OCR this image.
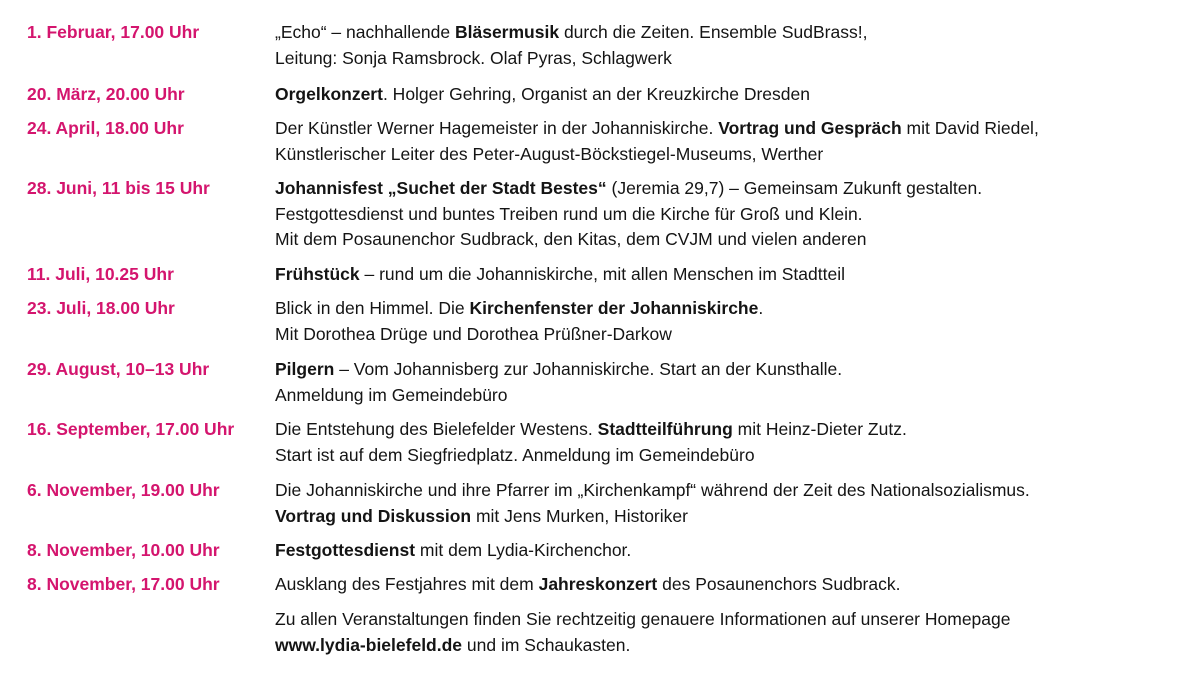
1. Februar, 17.00 Uhr	„Echo“ – nachhallende Bläsermusik durch die Zeiten. Ensemble SudBrass!,
Leitung: Sonja Ramsbrock. Olaf Pyras, Schlagwerk
20. März, 20.00 Uhr	Orgelkonzert. Holger Gehring, Organist an der Kreuzkirche Dresden
24. April, 18.00 Uhr	Der Künstler Werner Hagemeister in der Johanniskirche. Vortrag und Gespräch mit David Riedel,
Künstlerischer Leiter des Peter-August-Böckstiegel-Museums, Werther
28. Juni, 11 bis 15 Uhr	Johannisfest „Suchet der Stadt Bestes“ (Jeremia 29,7) – Gemeinsam Zukunft gestalten.
Festgottesdienst und buntes Treiben rund um die Kirche für Groß und Klein.
Mit dem Posaunenchor Sudbrack, den Kitas, dem CVJM und vielen anderen
11. Juli, 10.25 Uhr	Frühstück – rund um die Johanniskirche, mit allen Menschen im Stadtteil
23. Juli, 18.00 Uhr	Blick in den Himmel. Die Kirchenfenster der Johanniskirche.
Mit Dorothea Drüge und Dorothea Prüßner-Darkow
29. August, 10–13 Uhr	Pilgern – Vom Johannisberg zur Johanniskirche. Start an der Kunsthalle.
Anmeldung im Gemeindebüro
16. September, 17.00 Uhr	Die Entstehung des Bielefelder Westens. Stadtteilführung mit Heinz-Dieter Zutz.
Start ist auf dem Siegfriedplatz. Anmeldung im Gemeindebüro
6. November, 19.00 Uhr	Die Johanniskirche und ihre Pfarrer im „Kirchenkampf“ während der Zeit des Nationalsozialismus.
Vortrag und Diskussion mit Jens Murken, Historiker
8. November, 10.00 Uhr	Festgottesdienst mit dem Lydia-Kirchenchor.
8. November, 17.00 Uhr	Ausklang des Festjahres mit dem Jahreskonzert des Posaunenchors Sudbrack.
Zu allen Veranstaltungen finden Sie rechtzeitig genauere Informationen auf unserer Homepage
www.lydia-bielefeld.de und im Schaukasten.
